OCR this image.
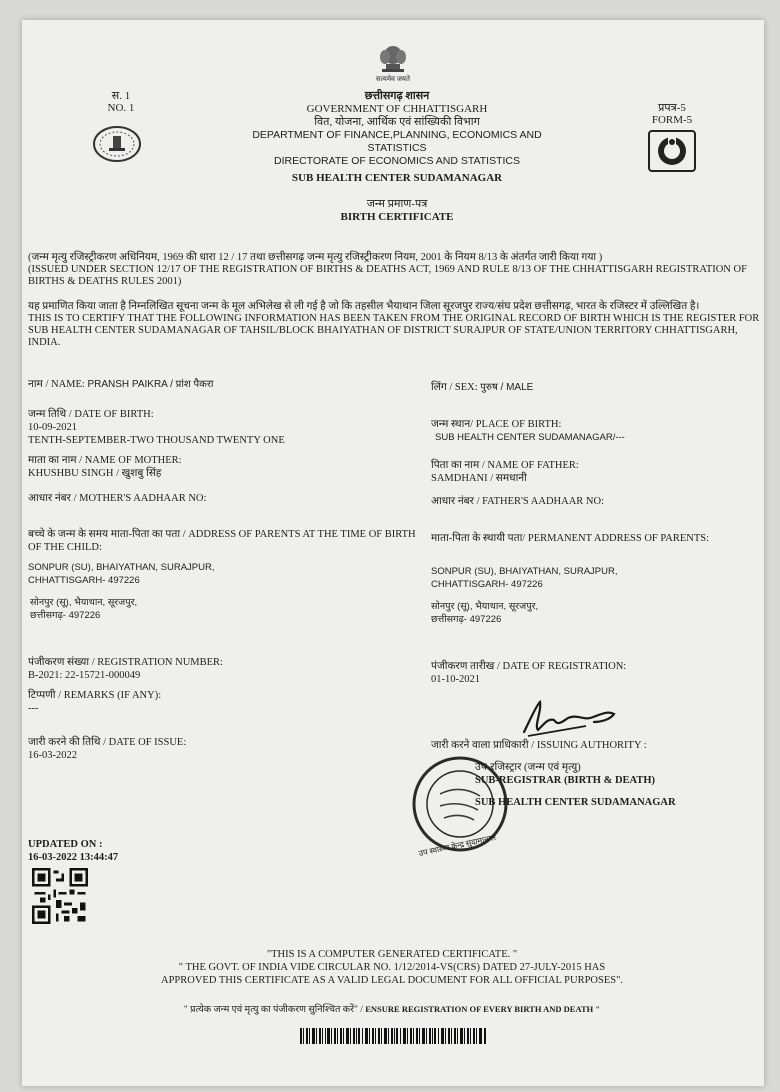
सत्यमेव जयते
स. 1
NO. 1
छत्तीसगढ़ शासन
GOVERNMENT OF CHHATTISGARH
वित, योजना, आर्थिक एवं सांख्यिकी विभाग
DEPARTMENT OF FINANCE,PLANNING, ECONOMICS AND STATISTICS
DIRECTORATE OF ECONOMICS AND STATISTICS
प्रपत्र-5
FORM-5
SUB HEALTH CENTER SUDAMANAGAR
जन्म प्रमाण-पत्र
BIRTH CERTIFICATE
(जन्म मृत्यु रजिस्ट्रीकरण अधिनियम, 1969 की धारा 12 / 17 तथा छत्तीसगढ़ जन्म मृत्यु रजिस्ट्रीकरण नियम, 2001 के नियम 8/13 के अंतर्गत जारी किया गया )
(ISSUED UNDER SECTION 12/17 OF THE REGISTRATION OF BIRTHS & DEATHS ACT, 1969 AND RULE 8/13 OF THE CHHATTISGARH REGISTRATION OF BIRTHS & DEATHS RULES 2001)
यह प्रमाणित किया जाता है निम्नलिखित सूचना जन्म के मूल अभिलेख से ली गई है जो कि तहसील भैयाथान जिला सूरजपुर राज्य/संघ प्रदेश छत्तीसगढ़, भारत के रजिस्टर में उल्लिखित है।
THIS IS TO CERTIFY THAT THE FOLLOWING INFORMATION HAS BEEN TAKEN FROM THE ORIGINAL RECORD OF BIRTH WHICH IS THE REGISTER FOR SUB HEALTH CENTER SUDAMANAGAR OF TAHSIL/BLOCK BHAIYATHAN OF DISTRICT SURAJPUR OF STATE/UNION TERRITORY CHHATTISGARH, INDIA.
नाम / NAME: PRANSH PAIKRA / प्रांश पैकरा
जन्म तिथि / DATE OF BIRTH:
10-09-2021
TENTH-SEPTEMBER-TWO THOUSAND TWENTY ONE
माता का नाम / NAME OF MOTHER:
KHUSHBU SINGH / खुशबु सिंह
आधार नंबर / MOTHER'S AADHAAR NO:
बच्चे के जन्म के समय माता-पिता का पता / ADDRESS OF PARENTS AT THE TIME OF BIRTH OF THE CHILD:
SONPUR (SU), BHAIYATHAN, SURAJPUR,
CHHATTISGARH- 497226
सोनपुर (सू), भैयाथान, सूरजपुर,
छत्तीसगढ़- 497226
पंजीकरण संख्या / REGISTRATION NUMBER:
B-2021: 22-15721-000049
टिप्पणी / REMARKS (IF ANY):
---
जारी करने की तिथि / DATE OF ISSUE:
16-03-2022
लिंग / SEX: पुरुष / MALE
जन्म स्थान/ PLACE OF BIRTH:
SUB HEALTH CENTER SUDAMANAGAR/---
पिता का नाम / NAME OF FATHER:
SAMDHANI / समधानी
आधार नंबर / FATHER'S AADHAAR NO:
माता-पिता के स्थायी पता/ PERMANENT ADDRESS OF PARENTS:
SONPUR (SU), BHAIYATHAN, SURAJPUR,
CHHATTISGARH- 497226
सोनपुर (सू), भैयाथान, सूरजपुर,
छत्तीसगढ़- 497226
पंजीकरण तारीख / DATE OF REGISTRATION:
01-10-2021
जारी करने वाला प्राधिकारी / ISSUING AUTHORITY :
उप-रजिस्ट्रार (जन्म एवं मृत्यु)
SUB-REGISTRAR (BIRTH & DEATH)
SUB HEALTH CENTER SUDAMANAGAR
उप स्वास्थ्य केन्द्र सुदामानगर
UPDATED ON :
16-03-2022 13:44:47
"THIS IS A COMPUTER GENERATED CERTIFICATE. "
" THE GOVT. OF INDIA VIDE CIRCULAR NO. 1/12/2014-VS(CRS) DATED 27-JULY-2015 HAS
APPROVED THIS CERTIFICATE AS A VALID LEGAL DOCUMENT FOR ALL OFFICIAL PURPOSES".
" प्रत्येक जन्म एवं मृत्यु का पंजीकरण सुनिश्चित करें" / ENSURE REGISTRATION OF EVERY BIRTH AND DEATH "
